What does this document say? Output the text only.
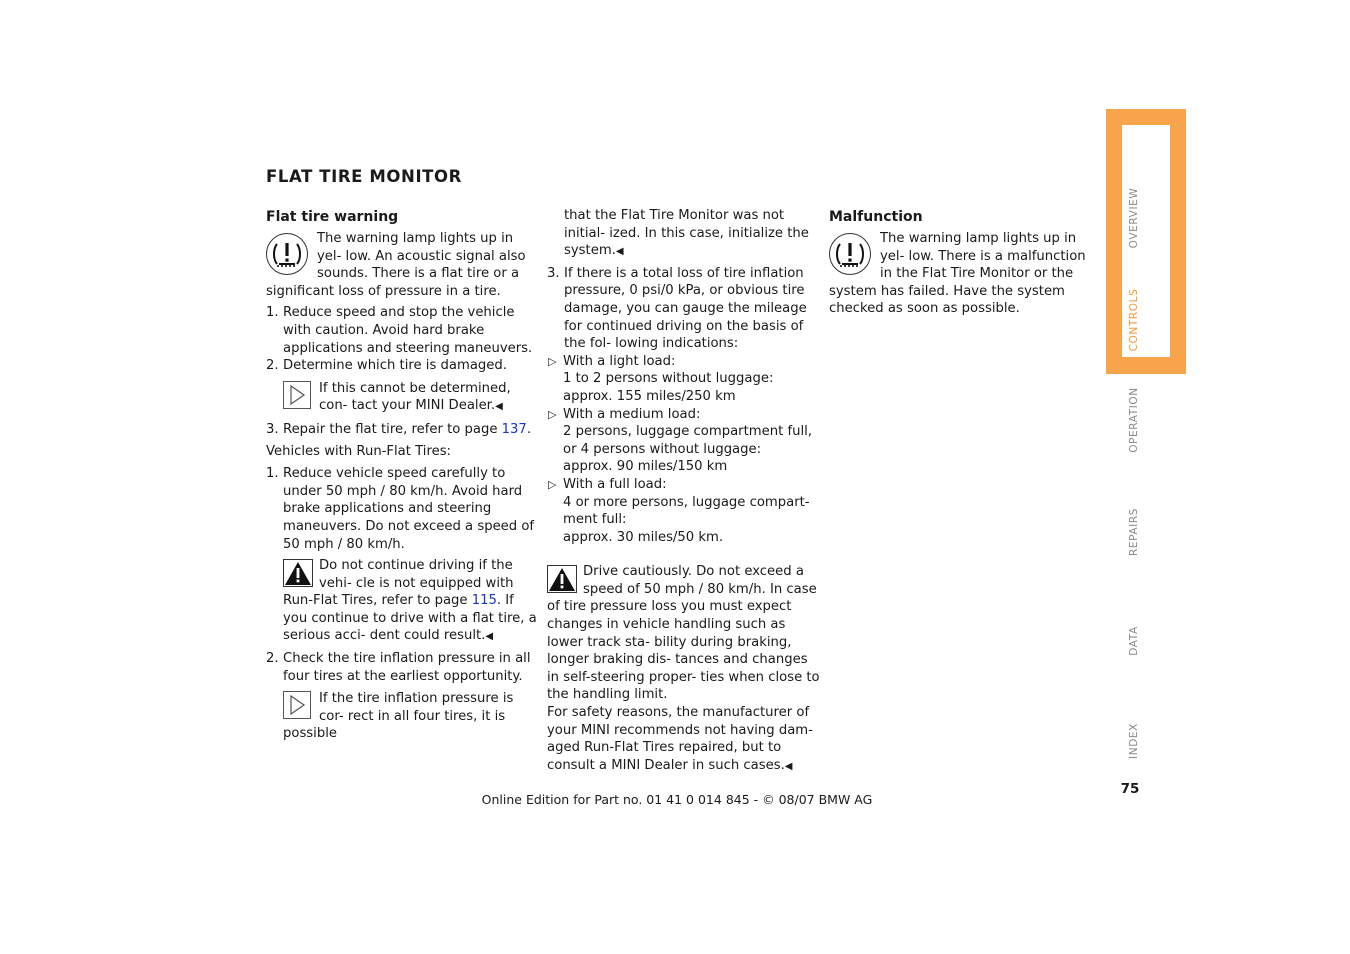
FLAT TIRE MONITOR
Flat tire warning

The warning lamp lights up in yel- low. An acoustic signal also sounds. There is a flat tire or a significant loss of pressure in a tire.

1. Reduce speed and stop the vehicle with caution. Avoid hard brake applications and steering maneuvers.
2. Determine which tire is damaged.

If this cannot be determined, con- tact your MINI Dealer.◀

3. Repair the flat tire, refer to page 137.

Vehicles with Run-Flat Tires:

1. Reduce vehicle speed carefully to under 50 mph / 80 km/h. Avoid hard brake applications and steering maneuvers. Do not exceed a speed of 50 mph / 80 km/h.

Do not continue driving if the vehi- cle is not equipped with Run-Flat Tires, refer to page 115. If you continue to drive with a flat tire, a serious acci- dent could result.◀

2. Check the tire inflation pressure in all four tires at the earliest opportunity.

If the tire inflation pressure is cor- rect in all four tires, it is possible

that the Flat Tire Monitor was not initial- ized. In this case, initialize the system.◀

3. If there is a total loss of tire inflation pressure, 0 psi/0 kPa, or obvious tire damage, you can gauge the mileage for continued driving on the basis of the fol- lowing indications:
▷ With a light load:
1 to 2 persons without luggage:
approx. 155 miles/250 km
▷ With a medium load:
2 persons, luggage compartment full,
or 4 persons without luggage:
approx. 90 miles/150 km
▷ With a full load:
4 or more persons, luggage compart-
ment full:
approx. 30 miles/50 km.

Drive cautiously. Do not exceed a speed of 50 mph / 80 km/h. In case of tire pressure loss you must expect changes in vehicle handling such as lower track sta- bility during braking, longer braking dis- tances and changes in self-steering proper- ties when close to the handling limit.

For safety reasons, the manufacturer of your MINI recommends not having dam- aged Run-Flat Tires repaired, but to consult a MINI Dealer in such cases.◀

Malfunction

The warning lamp lights up in yel- low. There is a malfunction in the Flat Tire Monitor or the system has failed. Have the system checked as soon as possible.

OVERVIEW
CONTROLS
OPERATION
REPAIRS
DATA
INDEX
75
Online Edition for Part no. 01 41 0 014 845 - © 08/07 BMW AG
